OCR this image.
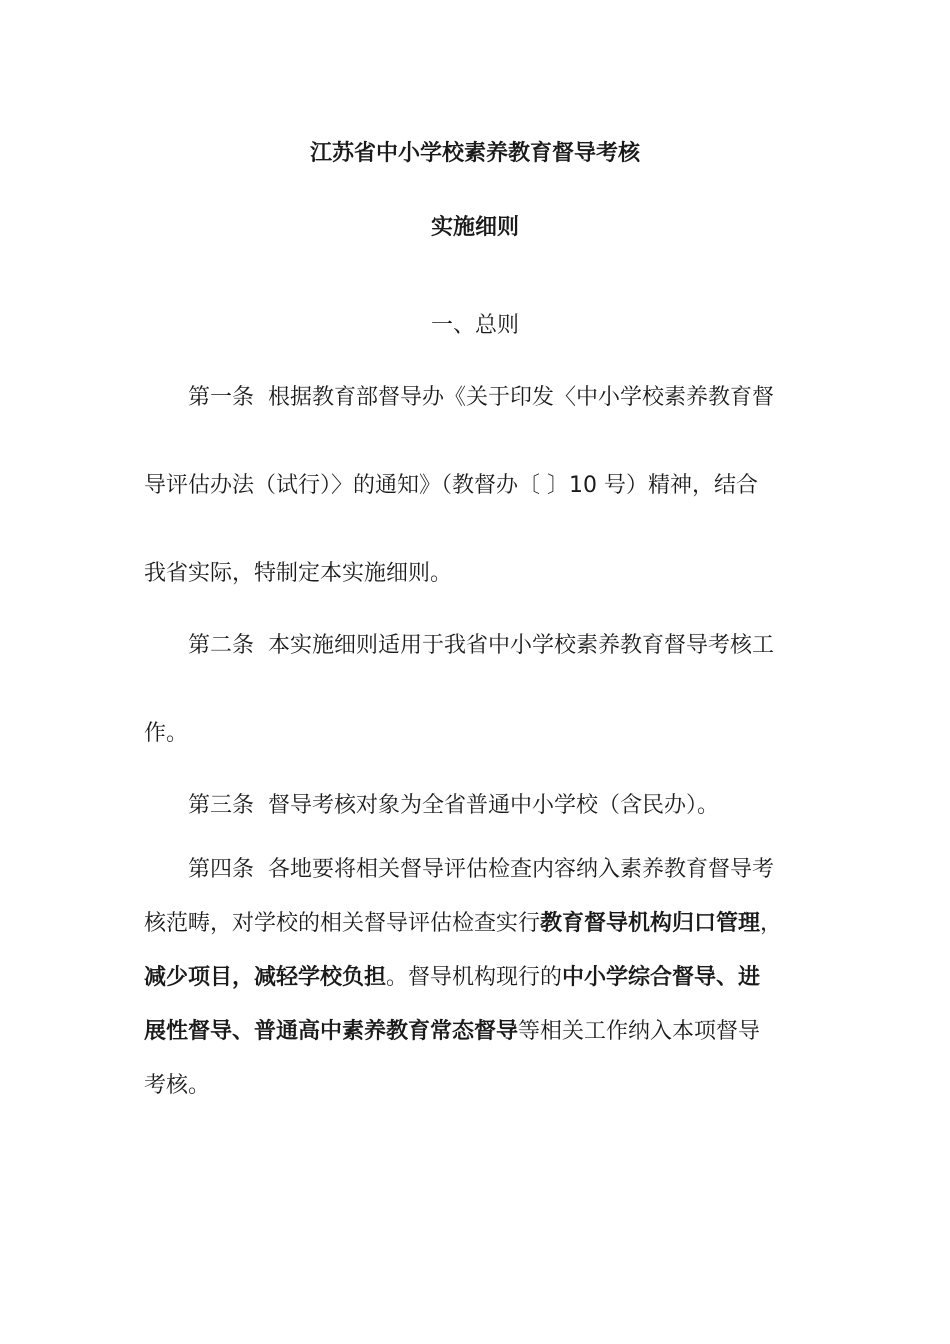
江苏省中小学校素养教育督导考核
实施细则
一、总则
第一条 根据教育部督导办《关于印发〈中小学校素养教育督
导评估办法（试行）〉的通知》（教督办〔 〕10 号）精神，结合
我省实际，特制定本实施细则。
第二条 本实施细则适用于我省中小学校素养教育督导考核工
作。
第三条 督导考核对象为全省普通中小学校（含民办）。
第四条 各地要将相关督导评估检查内容纳入素养教育督导考
核范畴，对学校的相关督导评估检查实行教育督导机构归口管理，
减少项目，减轻学校负担。督导机构现行的中小学综合督导、进
展性督导、普通高中素养教育常态督导等相关工作纳入本项督导
考核。
